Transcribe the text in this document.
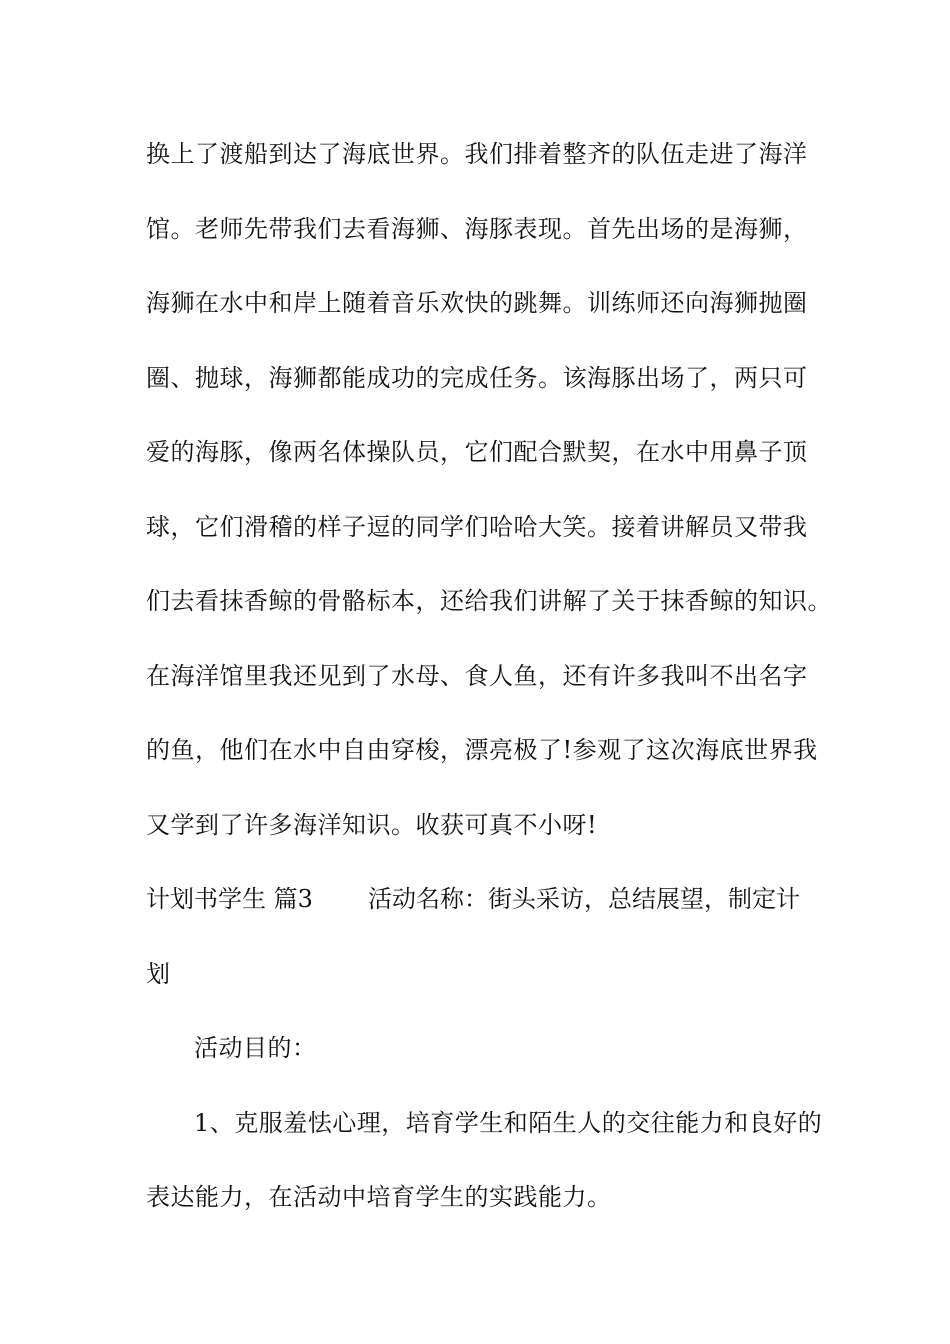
换上了渡船到达了海底世界。我们排着整齐的队伍走进了海洋
馆。老师先带我们去看海狮、海豚表现。首先出场的是海狮，
海狮在水中和岸上随着音乐欢快的跳舞。训练师还向海狮抛圈
圈、抛球，海狮都能成功的完成任务。该海豚出场了，两只可
爱的海豚，像两名体操队员，它们配合默契，在水中用鼻子顶
球，它们滑稽的样子逗的同学们哈哈大笑。接着讲解员又带我
们去看抹香鲸的骨骼标本，还给我们讲解了关于抹香鲸的知识。
在海洋馆里我还见到了水母、食人鱼，还有许多我叫不出名字
的鱼，他们在水中自由穿梭，漂亮极了!参观了这次海底世界我
又学到了许多海洋知识。收获可真不小呀!
计划书学生 篇3 活动名称：街头采访，总结展望，制定计
划
活动目的：
1、克服羞怯心理，培育学生和陌生人的交往能力和良好的
表达能力，在活动中培育学生的实践能力。
